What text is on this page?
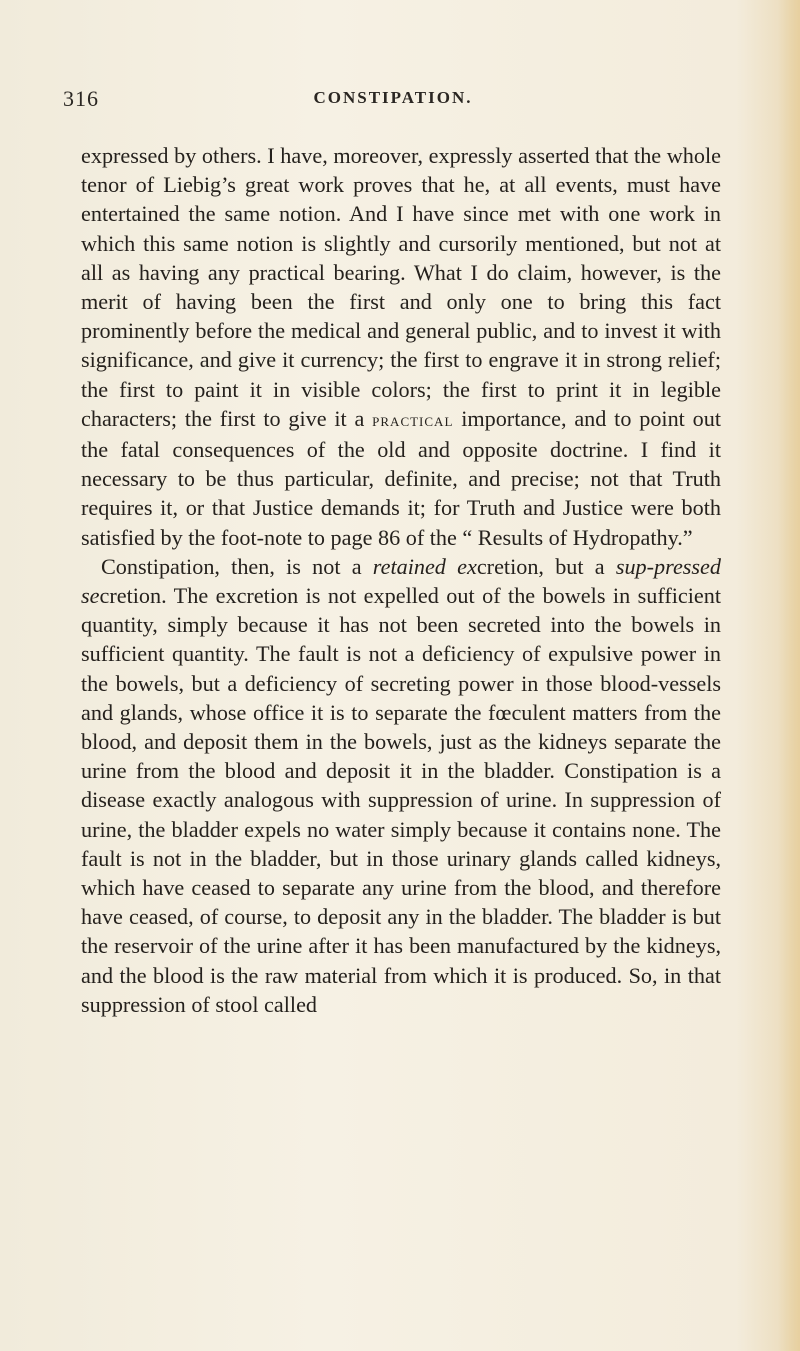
316	CONSTIPATION.

expressed by others. I have, moreover, expressly asserted that the whole tenor of Liebig’s great work proves that he, at all events, must have entertained the same notion. And I have since met with one work in which this same notion is slightly and cursorily mentioned, but not at all as having any practical bearing. What I do claim, however, is the merit of having been the first and only one to bring this fact prominently before the medical and general public, and to invest it with significance, and give it currency; the first to engrave it in strong relief; the first to paint it in visible colors; the first to print it in legible characters; the first to give it a practical importance, and to point out the fatal consequences of the old and opposite doctrine. I find it necessary to be thus particular, definite, and precise; not that Truth requires it, or that Justice demands it; for Truth and Justice were both satisfied by the foot-note to page 86 of the “ Results of Hydropathy.”

Constipation, then, is not a retained excretion, but a sup-pressed secretion. The excretion is not expelled out of the bowels in sufficient quantity, simply because it has not been secreted into the bowels in sufficient quantity. The fault is not a deficiency of expulsive power in the bowels, but a deficiency of secreting power in those blood-vessels and glands, whose office it is to separate the fœculent matters from the blood, and deposit them in the bowels, just as the kidneys separate the urine from the blood and deposit it in the bladder. Constipation is a disease exactly analogous with suppression of urine. In suppression of urine, the bladder expels no water simply because it contains none. The fault is not in the bladder, but in those urinary glands called kidneys, which have ceased to separate any urine from the blood, and therefore have ceased, of course, to deposit any in the bladder. The bladder is but the reservoir of the urine after it has been manufactured by the kidneys, and the blood is the raw material from which it is produced. So, in that suppression of stool called
